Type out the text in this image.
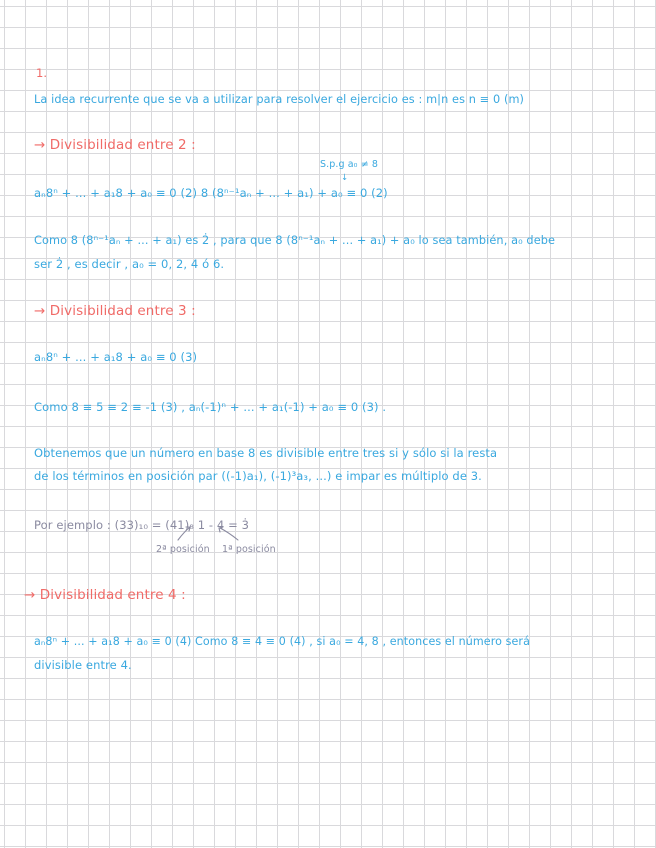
1.
La idea recurrente que se va a utilizar para resolver el ejercicio es : m|n es n ≡ 0 (m)
→ Divisibilidad entre 2 :
S.p.g a₀ ≠ 8
↓
aₙ8ⁿ + ... + a₁8 + a₀ ≡ 0 (2) 8 (8ⁿ⁻¹aₙ + ... + a₁) + a₀ ≡ 0 (2)
Como 8 (8ⁿ⁻¹aₙ + ... + a₁) es 2̇ , para que 8 (8ⁿ⁻¹aₙ + ... + a₁) + a₀ lo sea también, a₀ debe
ser 2̇ , es decir , a₀ = 0, 2, 4 ó 6.
→ Divisibilidad entre 3 :
aₙ8ⁿ + ... + a₁8 + a₀ ≡ 0 (3)
Como 8 ≡ 5 ≡ 2 ≡ -1 (3) , aₙ(-1)ⁿ + ... + a₁(-1) + a₀ ≡ 0 (3) .
Obtenemos que un número en base 8 es divisible entre tres si y sólo si la resta
de los términos en posición par ((-1)a₁), (-1)³a₃, ...) e impar es múltiplo de 3.
Por ejemplo : (33)₁₀ = (41)₈ 1 - 4 = 3̇
2ª posición 1ª posición
→ Divisibilidad entre 4 :
aₙ8ⁿ + ... + a₁8 + a₀ ≡ 0 (4) Como 8 ≡ 4 ≡ 0 (4) , si a₀ = 4, 8 , entonces el número será
divisible entre 4.
